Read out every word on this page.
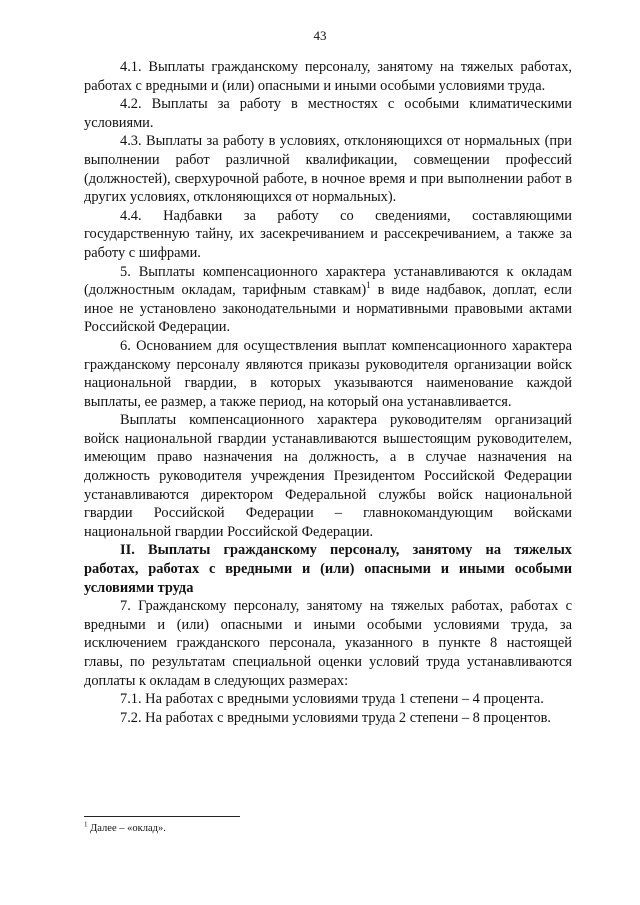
43

4.1. Выплаты гражданскому персоналу, занятому на тяжелых работах, работах с вредными и (или) опасными и иными особыми условиями труда.

4.2. Выплаты за работу в местностях с особыми климатическими условиями.

4.3. Выплаты за работу в условиях, отклоняющихся от нормальных (при выполнении работ различной квалификации, совмещении профессий (должностей), сверхурочной работе, в ночное время и при выполнении работ в других условиях, отклоняющихся от нормальных).

4.4. Надбавки за работу со сведениями, составляющими государственную тайну, их засекречиванием и рассекречиванием, а также за работу с шифрами.

5. Выплаты компенсационного характера устанавливаются к окладам (должностным окладам, тарифным ставкам)$^1$ в виде надбавок, доплат, если иное не установлено законодательными и нормативными правовыми актами Российской Федерации.

6. Основанием для осуществления выплат компенсационного характера гражданскому персоналу являются приказы руководителя организации войск национальной гвардии, в которых указываются наименование каждой выплаты, ее размер, а также период, на который она устанавливается.

Выплаты компенсационного характера руководителям организаций войск национальной гвардии устанавливаются вышестоящим руководителем, имеющим право назначения на должность, а в случае назначения на должность руководителя учреждения Президентом Российской Федерации устанавливаются директором Федеральной службы войск национальной гвардии Российской Федерации – главнокомандующим войсками национальной гвардии Российской Федерации.

II. Выплаты гражданскому персоналу, занятому на тяжелых работах, работах с вредными и (или) опасными и иными особыми условиями труда

7. Гражданскому персоналу, занятому на тяжелых работах, работах с вредными и (или) опасными и иными особыми условиями труда, за исключением гражданского персонала, указанного в пункте 8 настоящей главы, по результатам специальной оценки условий труда устанавливаются доплаты к окладам в следующих размерах:

7.1. На работах с вредными условиями труда 1 степени – 4 процента.

7.2. На работах с вредными условиями труда 2 степени – 8 процентов.

$^1$ Далее – «оклад».
